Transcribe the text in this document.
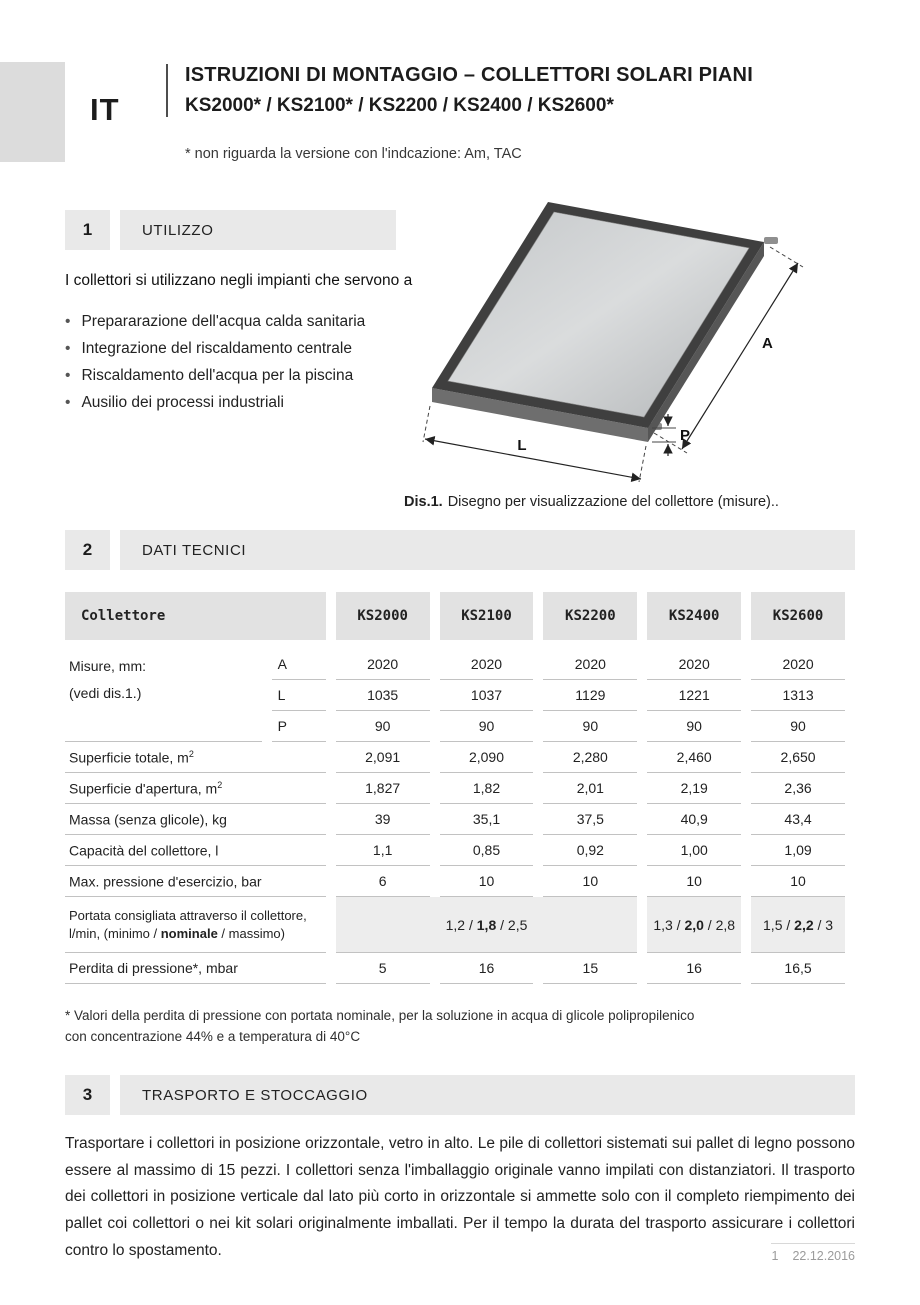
IT
ISTRUZIONI DI MONTAGGIO – COLLETTORI SOLARI PIANI
KS2000* / KS2100* / KS2200 / KS2400 / KS2600*
* non riguarda la versione con l'indcazione: Am, TAC
1	UTILIZZO
I collettori si utilizzano negli impianti che servono a
• Prepararazione dell'acqua calda sanitaria
• Integrazione del riscaldamento centrale
• Riscaldamento dell'acqua per la piscina
• Ausilio dei processi industriali
A
L
P
Dis.1. Disegno per visualizzazione del collettore (misure)..
2	DATI TECNICI
Collettore		KS2000	KS2100	KS2200	KS2400	KS2600

Misure, mm:
(vedi dis.1.)	A	2020	2020	2020	2020	2020
	L	1035	1037	1129	1221	1313
	P	90	90	90	90	90
Superficie totale, $m^2$		2,091	2,090	2,280	2,460	2,650
Superficie d'apertura, $m^2$		1,827	1,82	2,01	2,19	2,36
Massa (senza glicole), kg		39	35,1	37,5	40,9	43,4
Capacità del collettore, l		1,1	0,85	0,92	1,00	1,09
Max. pressione d'esercizio, bar		6	10	10	10	10

Portata consigliata attraverso il collettore,
l/min, (minimo / nominale / massimo)		1,2 / 1,8 / 2,5			1,3 / 2,0 / 2,8	1,5 / 2,2 / 3
Perdita di pressione*, mbar		5	16	15	16	16,5
* Valori della perdita di pressione con portata nominale, per la soluzione in acqua di glicole polipropilenico
con concentrazione 44% e a temperatura di 40°C
3	TRASPORTO E STOCCAGGIO
Trasportare i collettori in posizione orizzontale, vetro in alto. Le pile di collettori sistemati sui pallet di legno possono essere al massimo di 15 pezzi. I collettori senza l'imballaggio originale vanno impilati con distanziatori. Il trasporto dei collettori in posizione verticale dal lato più corto in orizzontale si ammette solo con il completo riempimento dei pallet coi collettori o nei kit solari originalmente imballati. Per il tempo la durata del trasporto assicurare i collettori contro lo spostamento.	1 22.12.2016
